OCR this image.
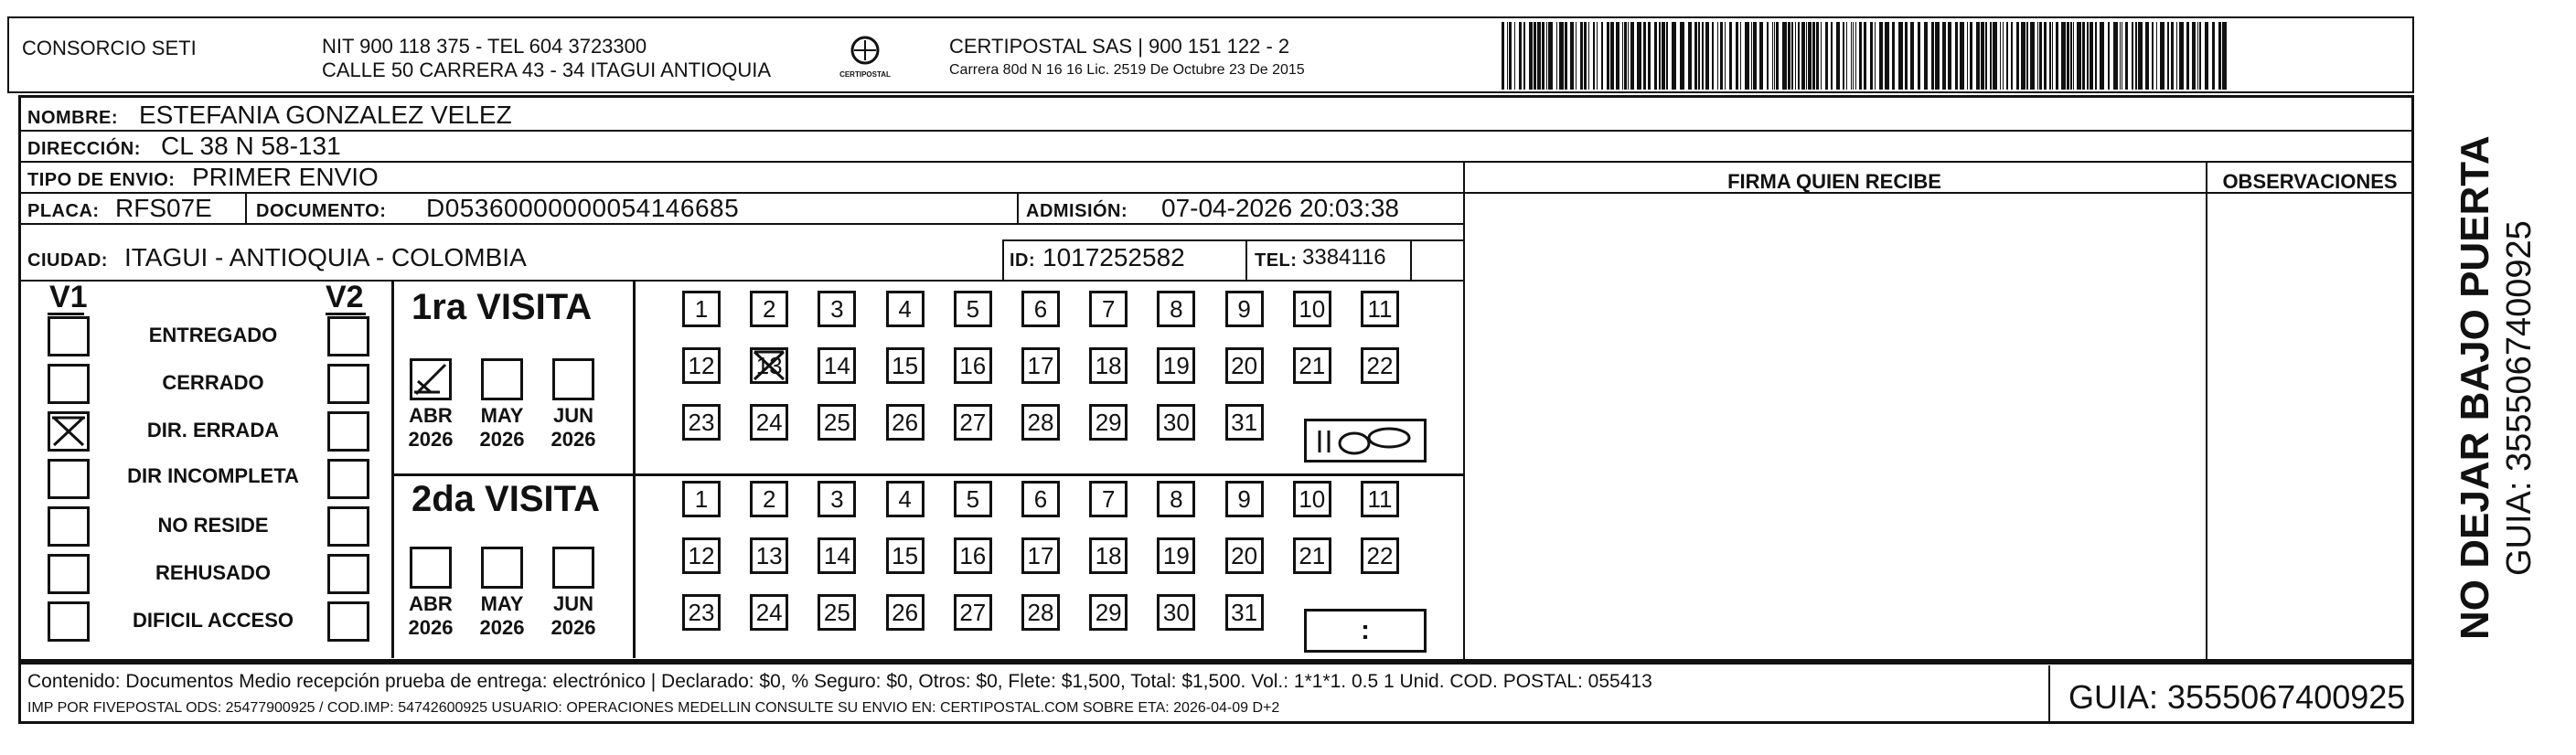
CONSORCIO SETI	NIT 900 118 375 - TEL 604 3723300
CALLE 50 CARRERA 43 - 34 ITAGUI ANTIOQUIA	CERTIPOSTAL
CERTIPOSTAL SAS | 900 151 122 - 2
Carrera 80d N 16 16 Lic. 2519 De Octubre 23 De 2015
NOMBRE: ESTEFANIA GONZALEZ VELEZ
DIRECCIÓN: CL 38 N 58-131
FIRMA QUIEN RECIBE	OBSERVACIONES
TIPO DE ENVIO: PRIMER ENVIO
PLACA: RFS07E DOCUMENTO: D05360000000054146685	ADMISIÓN: 07-04-2026 20:03:38
CIUDAD: ITAGUI - ANTIOQUIA - COLOMBIA	ID: 1017252582	TEL: 3384116
V1	V2
ENTREGADO
CERRADO
DIR. ERRADA
DIR INCOMPLETA
NO RESIDE
REHUSADO
DIFICIL ACCESO
1ra VISITA
2da VISITA
ABR
2026
MAY
2026
JUN
2026
ABR
2026
MAY
2026
JUN
2026
1 2 3 4 5 6 7 8 9 10 11
12 13 14 15 16 17 18 19 20 21 22
23 24 25 26 27 28 29 30 31
1 2 3 4 5 6 7 8 9 10 11
12 13 14 15 16 17 18 19 20 21 22
23 24 25 26 27 28 29 30 31
:
Contenido: Documentos Medio recepción prueba de entrega: electrónico | Declarado: $0, % Seguro: $0, Otros: $0, Flete: $1,500, Total: $1,500. Vol.: 1*1*1. 0.5 1 Unid. COD. POSTAL: 055413
IMP POR FIVEPOSTAL ODS: 25477900925 / COD.IMP: 54742600925 USUARIO: OPERACIONES MEDELLIN CONSULTE SU ENVIO EN: CERTIPOSTAL.COM SOBRE ETA: 2026-04-09 D+2	GUIA: 3555067400925
NO DEJAR BAJO PUERTA GUIA: 3555067400925
